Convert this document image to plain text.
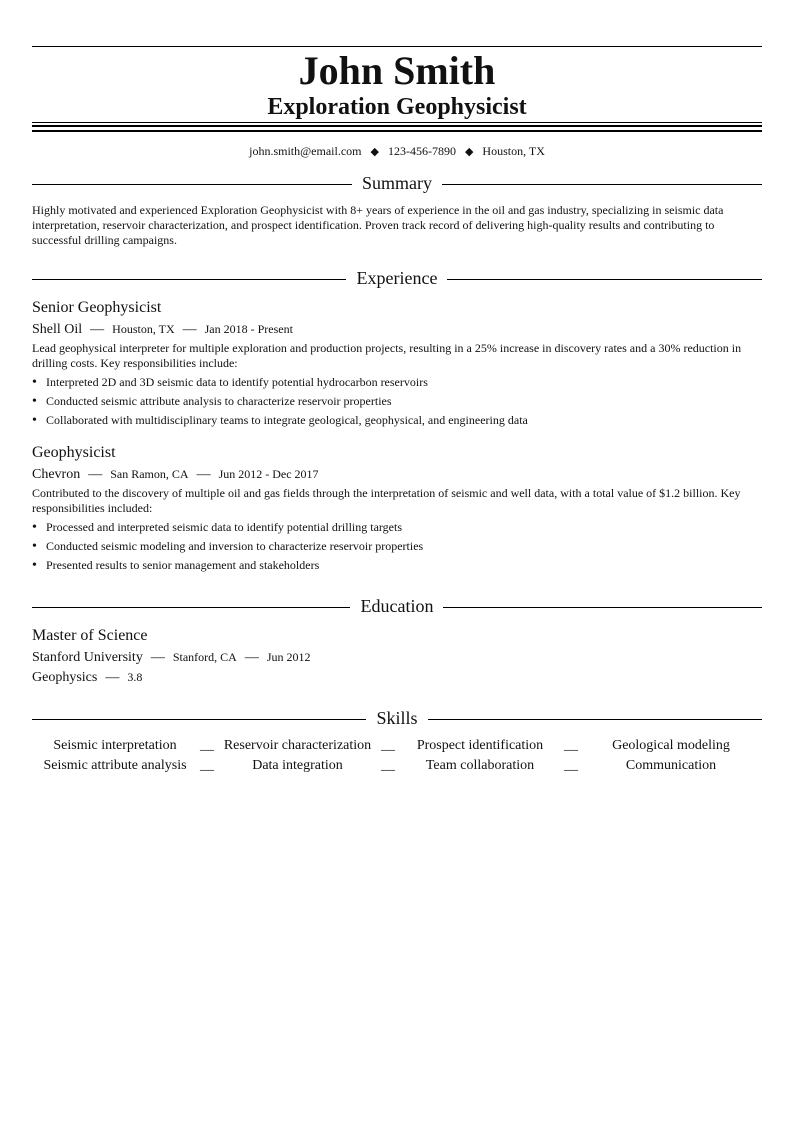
John Smith
Exploration Geophysicist
john.smith@email.com ◆ 123-456-7890 ◆ Houston, TX
Summary
Highly motivated and experienced Exploration Geophysicist with 8+ years of experience in the oil and gas industry, specializing in seismic data interpretation, reservoir characterization, and prospect identification. Proven track record of delivering high-quality results and contributing to successful drilling campaigns.
Experience
Senior Geophysicist
Shell Oil — Houston, TX — Jan 2018 - Present
Lead geophysical interpreter for multiple exploration and production projects, resulting in a 25% increase in discovery rates and a 30% reduction in drilling costs. Key responsibilities include:
• Interpreted 2D and 3D seismic data to identify potential hydrocarbon reservoirs
• Conducted seismic attribute analysis to characterize reservoir properties
• Collaborated with multidisciplinary teams to integrate geological, geophysical, and engineering data
Geophysicist
Chevron — San Ramon, CA — Jun 2012 - Dec 2017
Contributed to the discovery of multiple oil and gas fields through the interpretation of seismic and well data, with a total value of $1.2 billion. Key responsibilities included:
• Processed and interpreted seismic data to identify potential drilling targets
• Conducted seismic modeling and inversion to characterize reservoir properties
• Presented results to senior management and stakeholders
Education
Master of Science
Stanford University — Stanford, CA — Jun 2012
Geophysics — 3.8
Skills
Seismic interpretation	__ Reservoir characterization __	Prospect identification	__	Geological modeling
Seismic attribute analysis __	Data integration	__	Team collaboration	__	Communication
